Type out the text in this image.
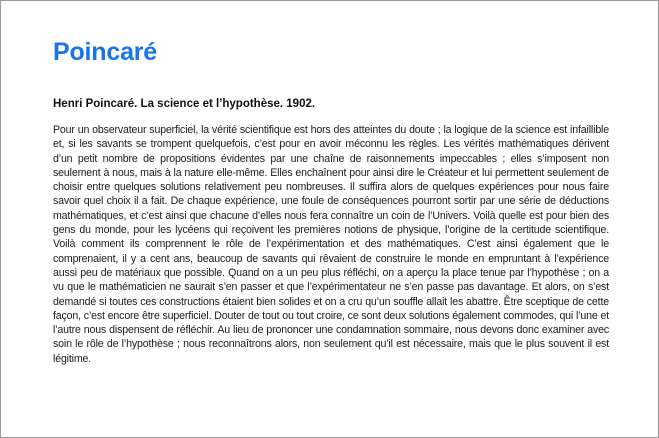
Poincaré

Henri Poincaré. La science et l’hypothèse. 1902.

Pour un observateur superficiel, la vérité scientifique est hors des atteintes du doute ; la logique de la science est infaillible et, si les savants se trompent quelquefois, c’est pour en avoir méconnu les règles. Les vérités mathématiques dérivent d’un petit nombre de propositions évidentes par une chaîne de raisonnements impeccables ; elles s’imposent non seulement à nous, mais à la nature elle-même. Elles enchaînent pour ainsi dire le Créateur et lui permettent seulement de choisir entre quelques solutions relativement peu nombreuses. Il suffira alors de quelques expériences pour nous faire savoir quel choix il a fait. De chaque expérience, une foule de conséquences pourront sortir par une série de déductions mathématiques, et c’est ainsi que chacune d’elles nous fera connaître un coin de l’Univers. Voilà quelle est pour bien des gens du monde, pour les lycéens qui reçoivent les premières notions de physique, l’origine de la certitude scientifique. Voilà comment ils comprennent le rôle de l’expérimentation et des mathématiques. C’est ainsi également que le comprenaient, il y a cent ans, beaucoup de savants qui rêvaient de construire le monde en empruntant à l’expérience aussi peu de matériaux que possible. Quand on a un peu plus réfléchi, on a aperçu la place tenue par l’hypothèse ; on a vu que le mathématicien ne saurait s’en passer et que l’expérimentateur ne s’en passe pas davantage. Et alors, on s’est demandé si toutes ces constructions étaient bien solides et on a cru qu’un souffle allait les abattre. Être sceptique de cette façon, c’est encore être superficiel. Douter de tout ou tout croire, ce sont deux solutions également commodes, qui l’une et l’autre nous dispensent de réfléchir. Au lieu de prononcer une condamnation sommaire, nous devons donc examiner avec soin le rôle de l’hypothèse ; nous reconnaîtrons alors, non seulement qu’il est nécessaire, mais que le plus souvent il est légitime.
